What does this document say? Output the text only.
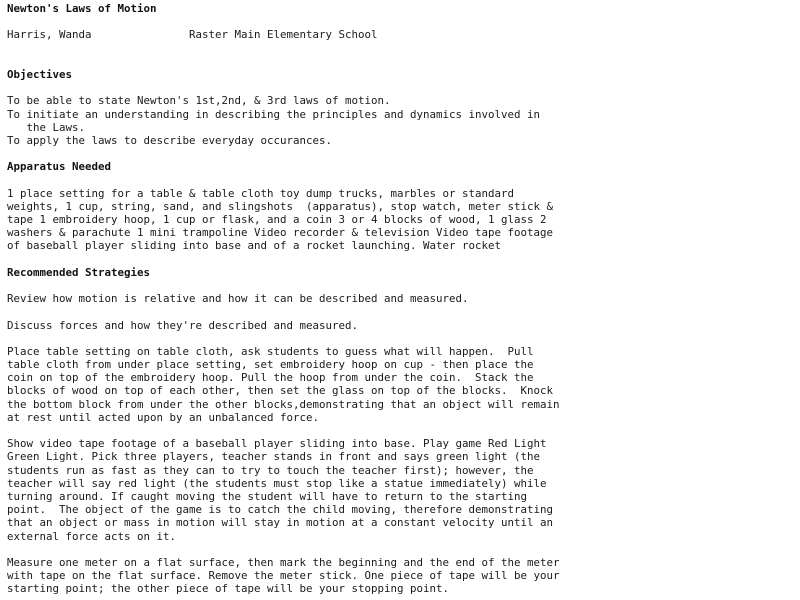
Newton's Laws of Motion
Harris, Wanda	Raster Main Elementary School
Objectives
To be able to state Newton's 1st,2nd, & 3rd laws of motion.
To initiate an understanding in describing the principles and dynamics involved in
the Laws.
To apply the laws to describe everyday occurances.
Apparatus Needed
1 place setting for a table & table cloth toy dump trucks, marbles or standard
weights, 1 cup, string, sand, and slingshots  (apparatus), stop watch, meter stick &
tape 1 embroidery hoop, 1 cup or flask, and a coin 3 or 4 blocks of wood, 1 glass 2
washers & parachute 1 mini trampoline Video recorder & television Video tape footage
of baseball player sliding into base and of a rocket launching. Water rocket
Recommended Strategies
Review how motion is relative and how it can be described and measured.
Discuss forces and how they're described and measured.
Place table setting on table cloth, ask students to guess what will happen.  Pull
table cloth from under place setting, set embroidery hoop on cup - then place the
coin on top of the embroidery hoop. Pull the hoop from under the coin.  Stack the
blocks of wood on top of each other, then set the glass on top of the blocks.  Knock
the bottom block from under the other blocks,demonstrating that an object will remain
at rest until acted upon by an unbalanced force.
Show video tape footage of a baseball player sliding into base. Play game Red Light
Green Light. Pick three players, teacher stands in front and says green light (the
students run as fast as they can to try to touch the teacher first); however, the
teacher will say red light (the students must stop like a statue immediately) while
turning around. If caught moving the student will have to return to the starting
point.  The object of the game is to catch the child moving, therefore demonstrating
that an object or mass in motion will stay in motion at a constant velocity until an
external force acts on it.
Measure one meter on a flat surface, then mark the beginning and the end of the meter
with tape on the flat surface. Remove the meter stick. One piece of tape will be your
starting point; the other piece of tape will be your stopping point.
